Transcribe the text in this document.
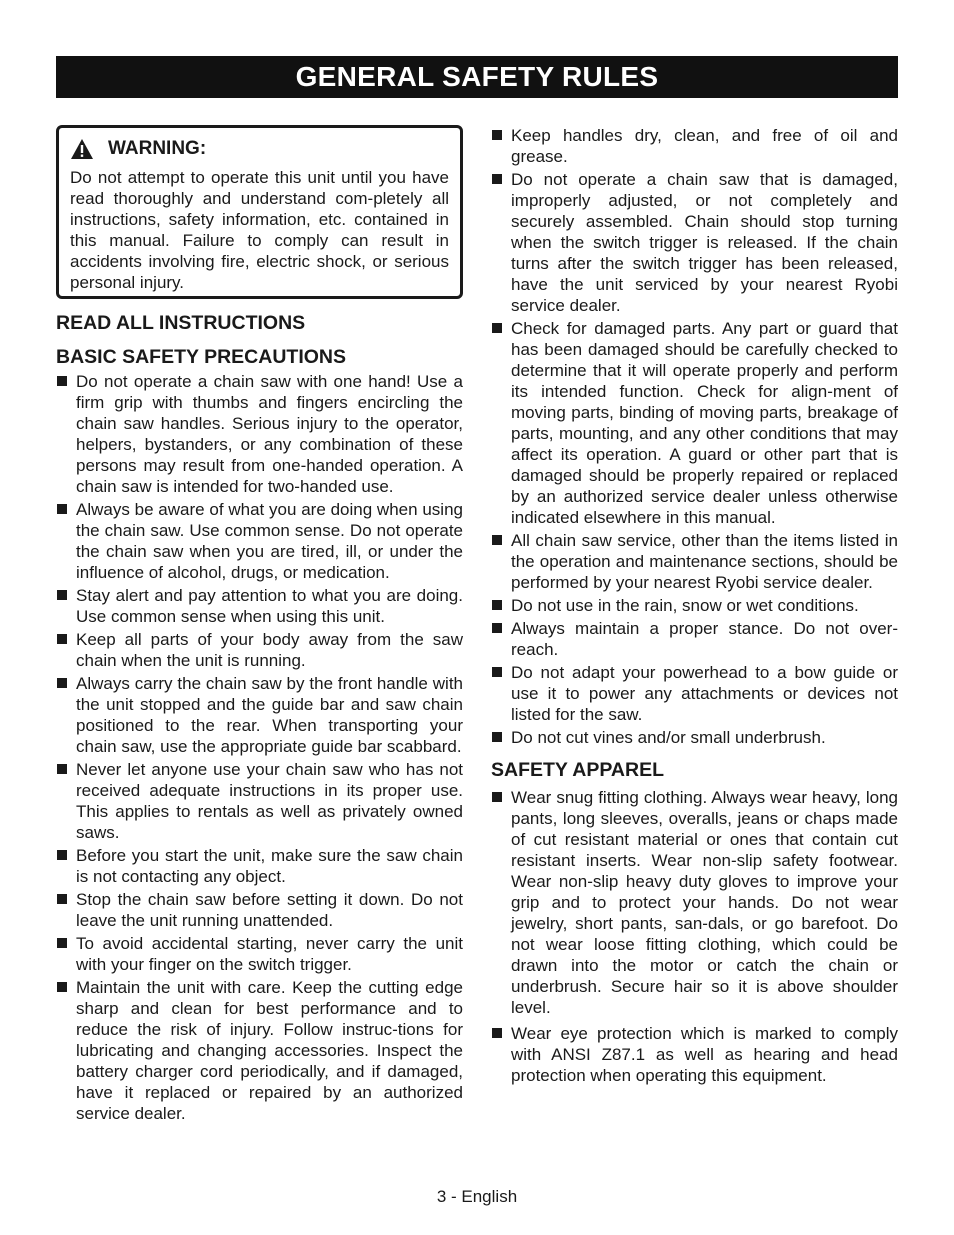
GENERAL SAFETY RULES
WARNING:
Do not attempt to operate this unit until you have read thoroughly and understand com-pletely all instructions, safety information, etc. contained in this manual. Failure to comply can result in accidents involving fire, electric shock, or serious personal injury.
READ ALL INSTRUCTIONS
BASIC SAFETY PRECAUTIONS
Do not operate a chain saw with one hand! Use a firm grip with thumbs and fingers encircling the chain saw handles. Serious injury to the operator, helpers, bystanders, or any combination of these persons may result from one-handed operation. A chain saw is intended for two-handed use.
Always be aware of what you are doing when using the chain saw. Use common sense. Do not operate the chain saw when you are tired, ill, or under the influence of alcohol, drugs, or medication.
Stay alert and pay attention to what you are doing. Use common sense when using this unit.
Keep all parts of your body away from the saw chain when the unit is running.
Always carry the chain saw by the front handle with the unit stopped and the guide bar and saw chain positioned to the rear. When transporting your chain saw, use the appropriate guide bar scabbard.
Never let anyone use your chain saw who has not received adequate instructions in its proper use. This applies to rentals as well as privately owned saws.
Before you start the unit, make sure the saw chain is not contacting any object.
Stop the chain saw before setting it down. Do not leave the unit running unattended.
To avoid accidental starting, never carry the unit with your finger on the switch trigger.
Maintain the unit with care. Keep the cutting edge sharp and clean for best performance and to reduce the risk of injury. Follow instruc-tions for lubricating and changing accessories. Inspect the battery charger cord periodically, and if damaged, have it replaced or repaired by an authorized service dealer.
Keep handles dry, clean, and free of oil and grease.
Do not operate a chain saw that is damaged, improperly adjusted, or not completely and securely assembled. Chain should stop turning when the switch trigger is released. If the chain turns after the switch trigger has been released, have the unit serviced by your nearest Ryobi service dealer.
Check for damaged parts. Any part or guard that has been damaged should be carefully checked to determine that it will operate properly and perform its intended function. Check for align-ment of moving parts, binding of moving parts, breakage of parts, mounting, and any other conditions that may affect its operation. A guard or other part that is damaged should be properly repaired or replaced by an authorized service dealer unless otherwise indicated elsewhere in this manual.
All chain saw service, other than the items listed in the operation and maintenance sections, should be performed by your nearest Ryobi service dealer.
Do not use in the rain, snow or wet conditions.
Always maintain a proper stance. Do not over-reach.
Do not adapt your powerhead to a bow guide or use it to power any attachments or devices not listed for the saw.
Do not cut vines and/or small underbrush.
SAFETY APPAREL
Wear snug fitting clothing. Always wear heavy, long pants, long sleeves, overalls, jeans or chaps made of cut resistant material or ones that contain cut resistant inserts. Wear non-slip safety footwear. Wear non-slip heavy duty gloves to improve your grip and to protect your hands. Do not wear jewelry, short pants, san-dals, or go barefoot. Do not wear loose fitting clothing, which could be drawn into the motor or catch the chain or underbrush. Secure hair so it is above shoulder level.
Wear eye protection which is marked to comply with ANSI Z87.1 as well as hearing and head protection when operating this equipment.
3 - English
